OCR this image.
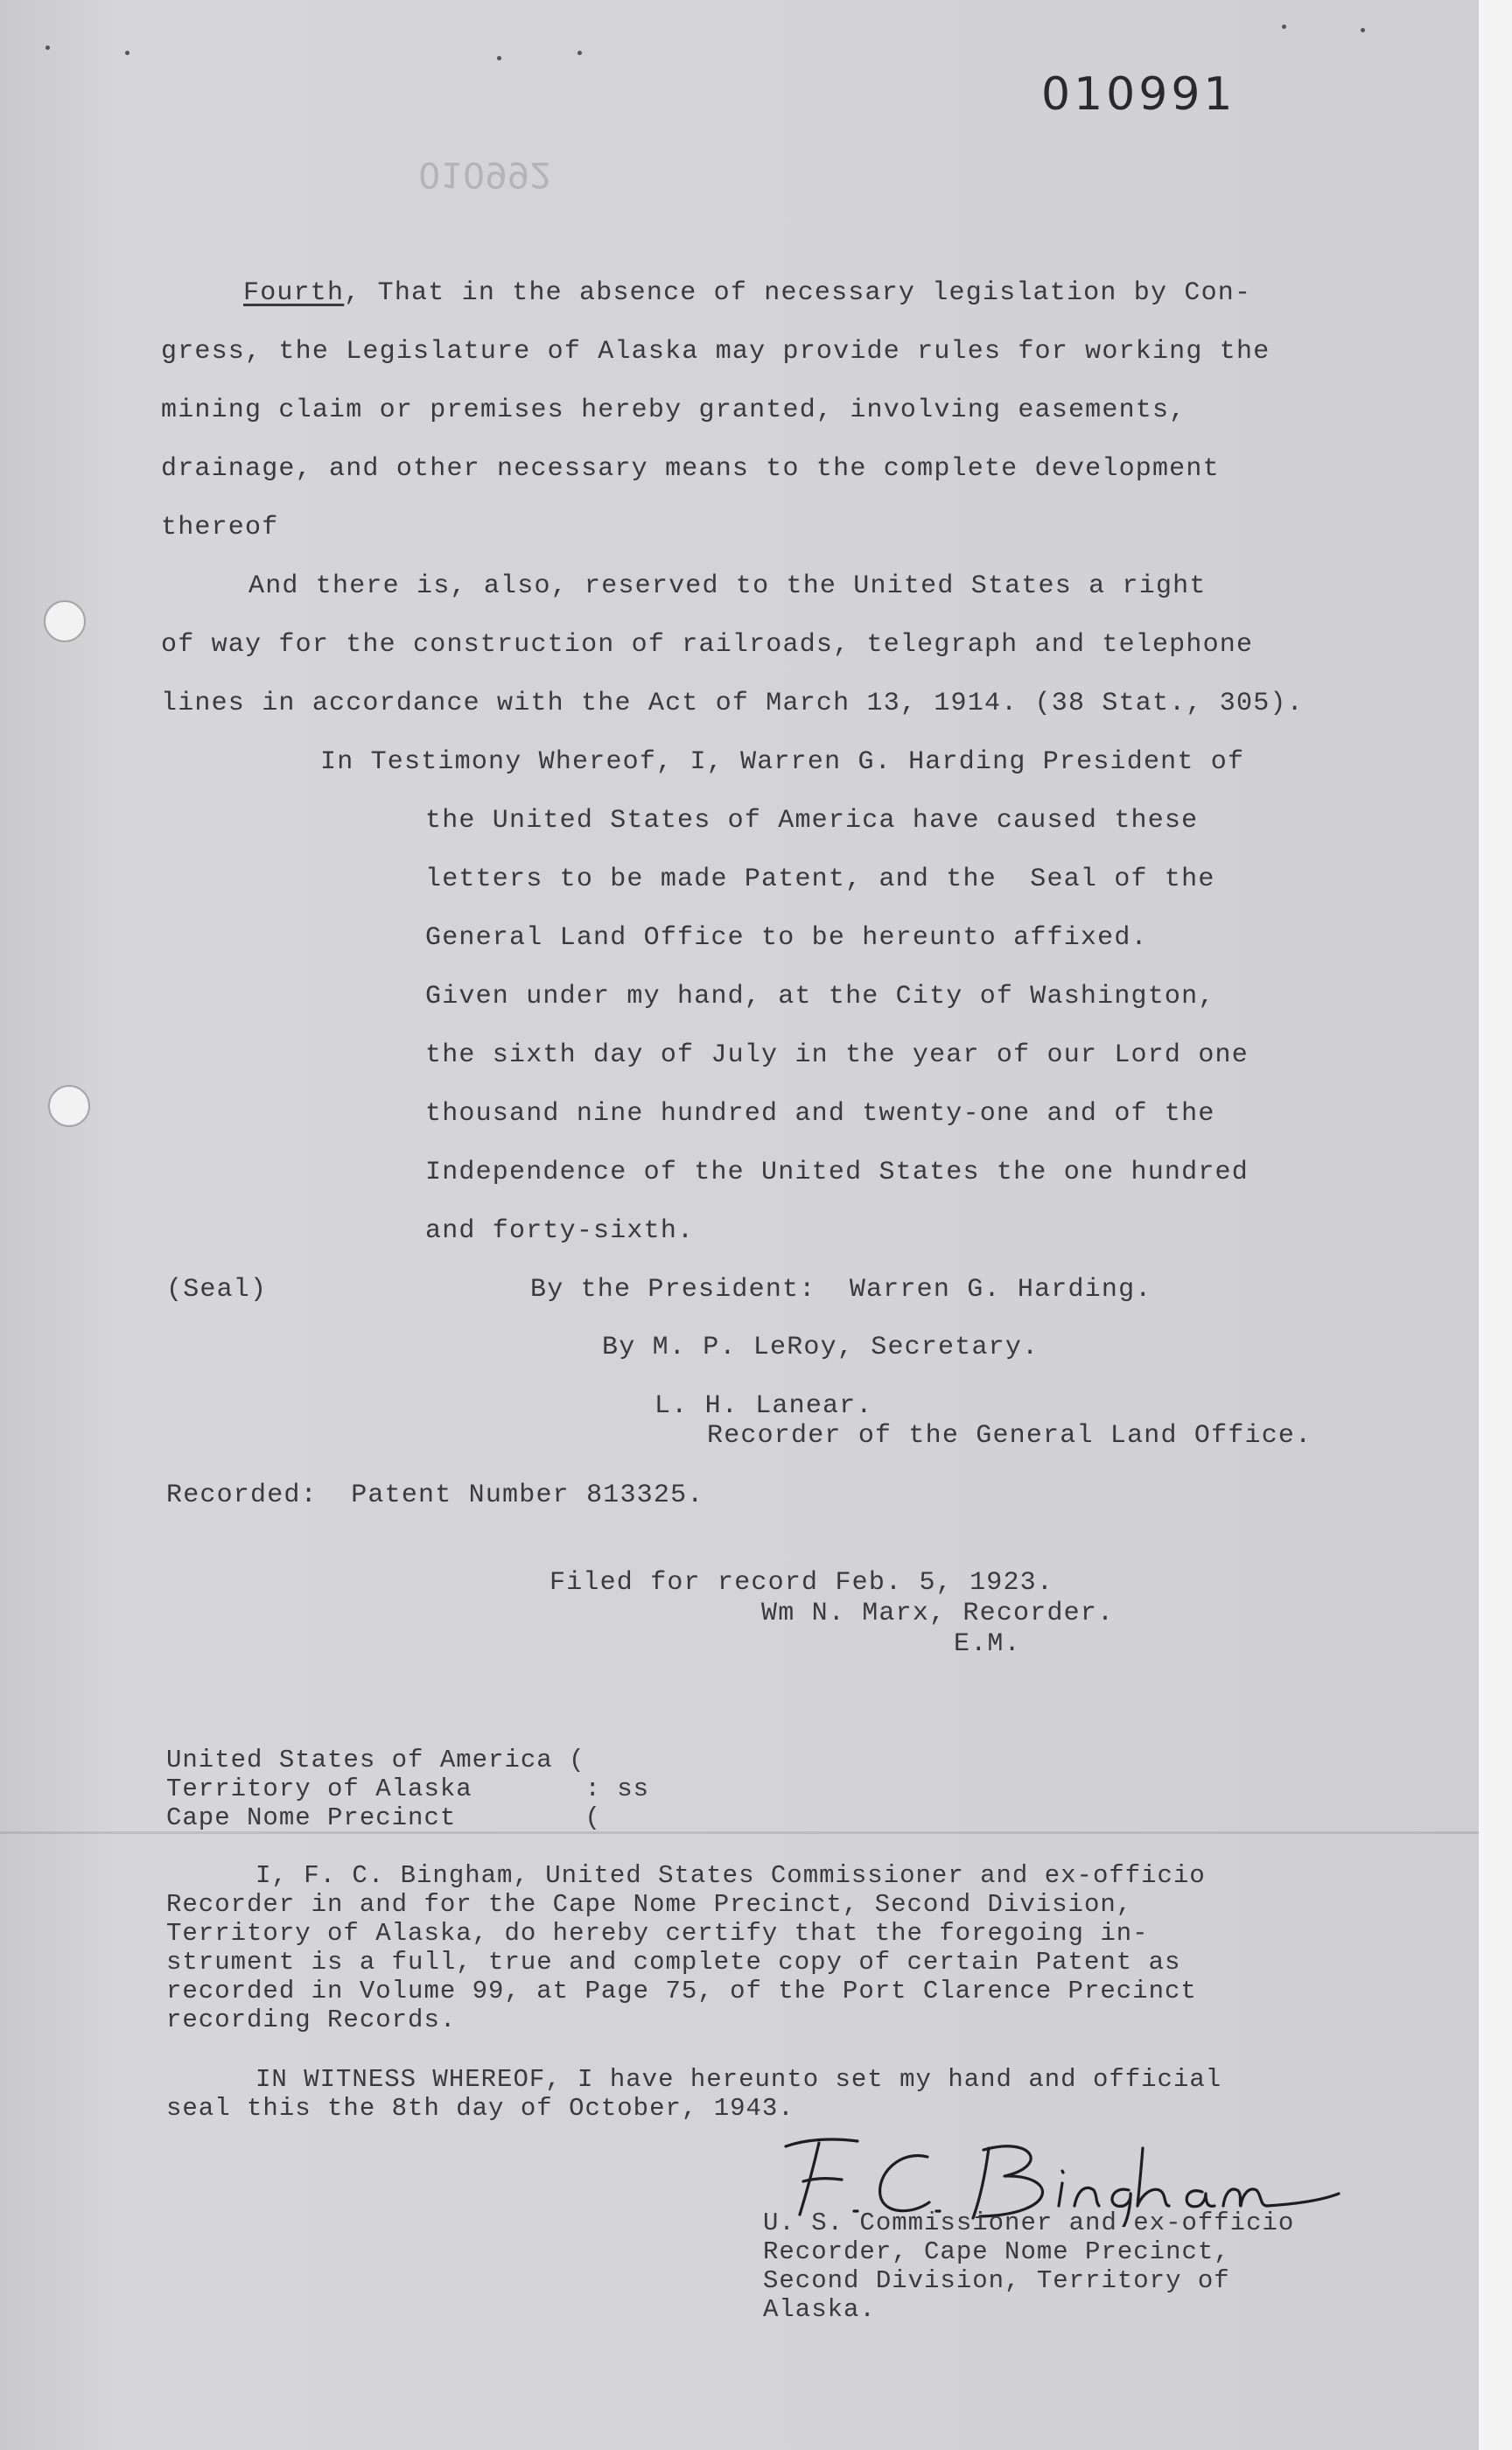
010991
010992
Fourth, That in the absence of necessary legislation by Con-
gress, the Legislature of Alaska may provide rules for working the
mining claim or premises hereby granted, involving easements,
drainage, and other necessary means to the complete development
thereof
And there is, also, reserved to the United States a right
of way for the construction of railroads, telegraph and telephone
lines in accordance with the Act of March 13, 1914. (38 Stat., 305).
In Testimony Whereof, I, Warren G. Harding President of
the United States of America have caused these
letters to be made Patent, and the  Seal of the
General Land Office to be hereunto affixed.
Given under my hand, at the City of Washington,
the sixth day of July in the year of our Lord one
thousand nine hundred and twenty-one and of the
Independence of the United States the one hundred
and forty-sixth.
(Seal)	By the President:  Warren G. Harding.
By M. P. LeRoy, Secretary.
L. H. Lanear.
Recorder of the General Land Office.
Recorded:  Patent Number 813325.
Filed for record Feb. 5, 1923.
Wm N. Marx, Recorder.
E.M.
United States of America (
Territory of Alaska       : ss
Cape Nome Precinct        (
I, F. C. Bingham, United States Commissioner and ex-officio
Recorder in and for the Cape Nome Precinct, Second Division,
Territory of Alaska, do hereby certify that the foregoing in-
strument is a full, true and complete copy of certain Patent as
recorded in Volume 99, at Page 75, of the Port Clarence Precinct
recording Records.
IN WITNESS WHEREOF, I have hereunto set my hand and official
seal this the 8th day of October, 1943.
U. S. Commissioner and ex-officio
Recorder, Cape Nome Precinct,
Second Division, Territory of
Alaska.
